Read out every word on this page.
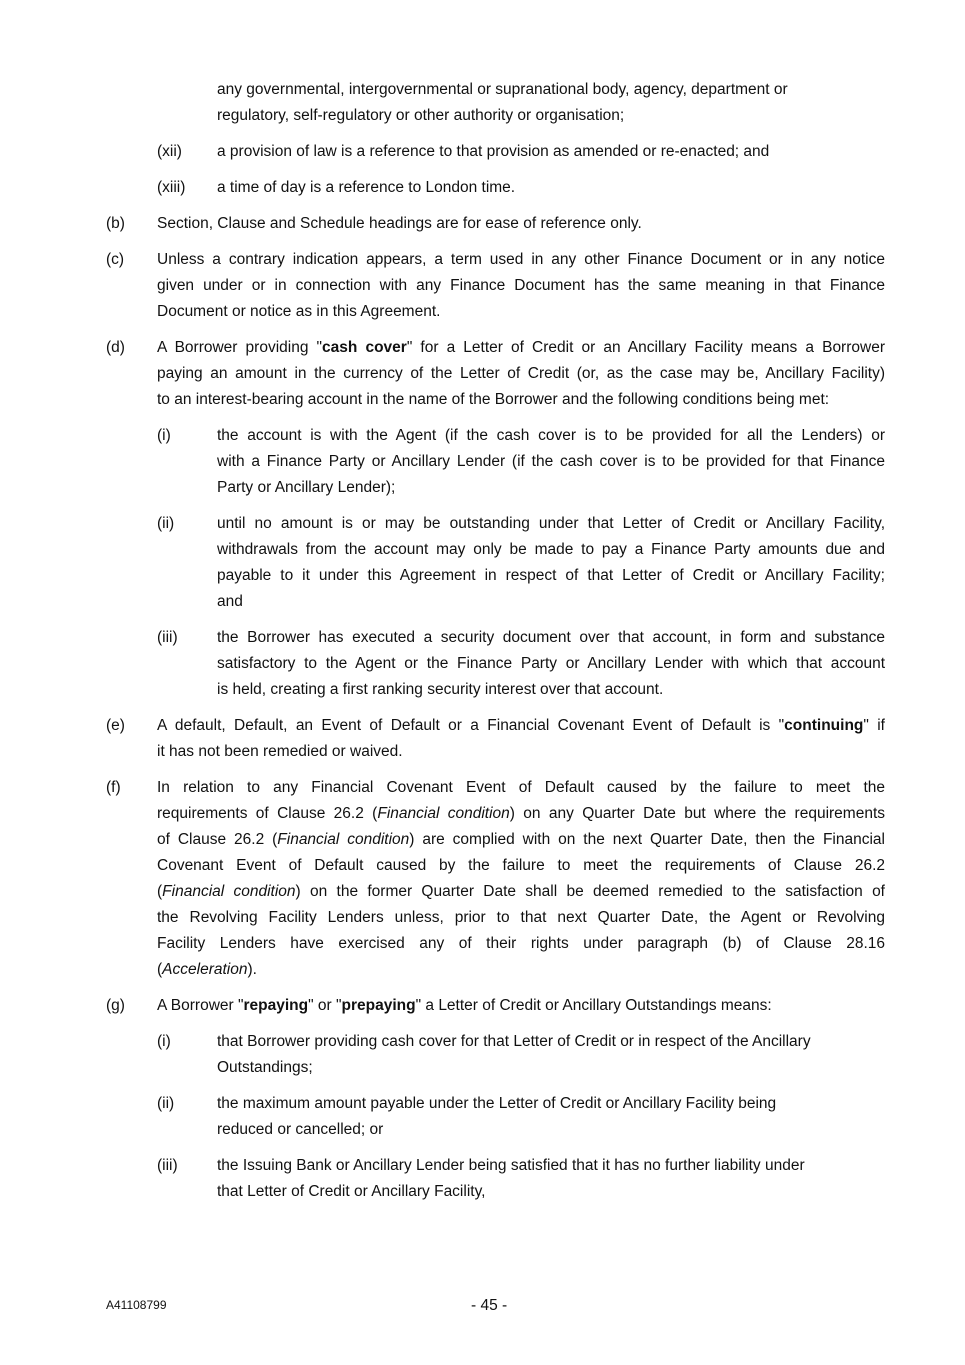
any governmental, intergovernmental or supranational body, agency, department or
regulatory, self-regulatory or other authority or organisation;
(xii) a provision of law is a reference to that provision as amended or re-enacted; and
(xiii) a time of day is a reference to London time.
(b) Section, Clause and Schedule headings are for ease of reference only.
(c) Unless a contrary indication appears, a term used in any other Finance Document or in any notice
given under or in connection with any Finance Document has the same meaning in that Finance
Document or notice as in this Agreement.
(d) A Borrower providing "cash cover" for a Letter of Credit or an Ancillary Facility means a Borrower
paying an amount in the currency of the Letter of Credit (or, as the case may be, Ancillary Facility)
to an interest-bearing account in the name of the Borrower and the following conditions being met:
(i)	the account is with the Agent (if the cash cover is to be provided for all the Lenders) or
with a Finance Party or Ancillary Lender (if the cash cover is to be provided for that Finance
Party or Ancillary Lender);
(ii)	until no amount is or may be outstanding under that Letter of Credit or Ancillary Facility,
withdrawals from the account may only be made to pay a Finance Party amounts due and
payable to it under this Agreement in respect of that Letter of Credit or Ancillary Facility;
and
(iii)	the Borrower has executed a security document over that account, in form and substance
satisfactory to the Agent or the Finance Party or Ancillary Lender with which that account
is held, creating a first ranking security interest over that account.
(e) A default, Default, an Event of Default or a Financial Covenant Event of Default is "continuing" if
it has not been remedied or waived.
(f) In relation to any Financial Covenant Event of Default caused by the failure to meet the
requirements of Clause 26.2 (Financial condition) on any Quarter Date but where the requirements
of Clause 26.2 (Financial condition) are complied with on the next Quarter Date, then the Financial
Covenant Event of Default caused by the failure to meet the requirements of Clause 26.2
(Financial condition) on the former Quarter Date shall be deemed remedied to the satisfaction of
the Revolving Facility Lenders unless, prior to that next Quarter Date, the Agent or Revolving
Facility Lenders have exercised any of their rights under paragraph (b) of Clause 28.16
(Acceleration).
(g) A Borrower "repaying" or "prepaying" a Letter of Credit or Ancillary Outstandings means:
(i)	that Borrower providing cash cover for that Letter of Credit or in respect of the Ancillary
Outstandings;
(ii)	the maximum amount payable under the Letter of Credit or Ancillary Facility being
reduced or cancelled; or
(iii)	the Issuing Bank or Ancillary Lender being satisfied that it has no further liability under
that Letter of Credit or Ancillary Facility,
A41108799	- 45 -
